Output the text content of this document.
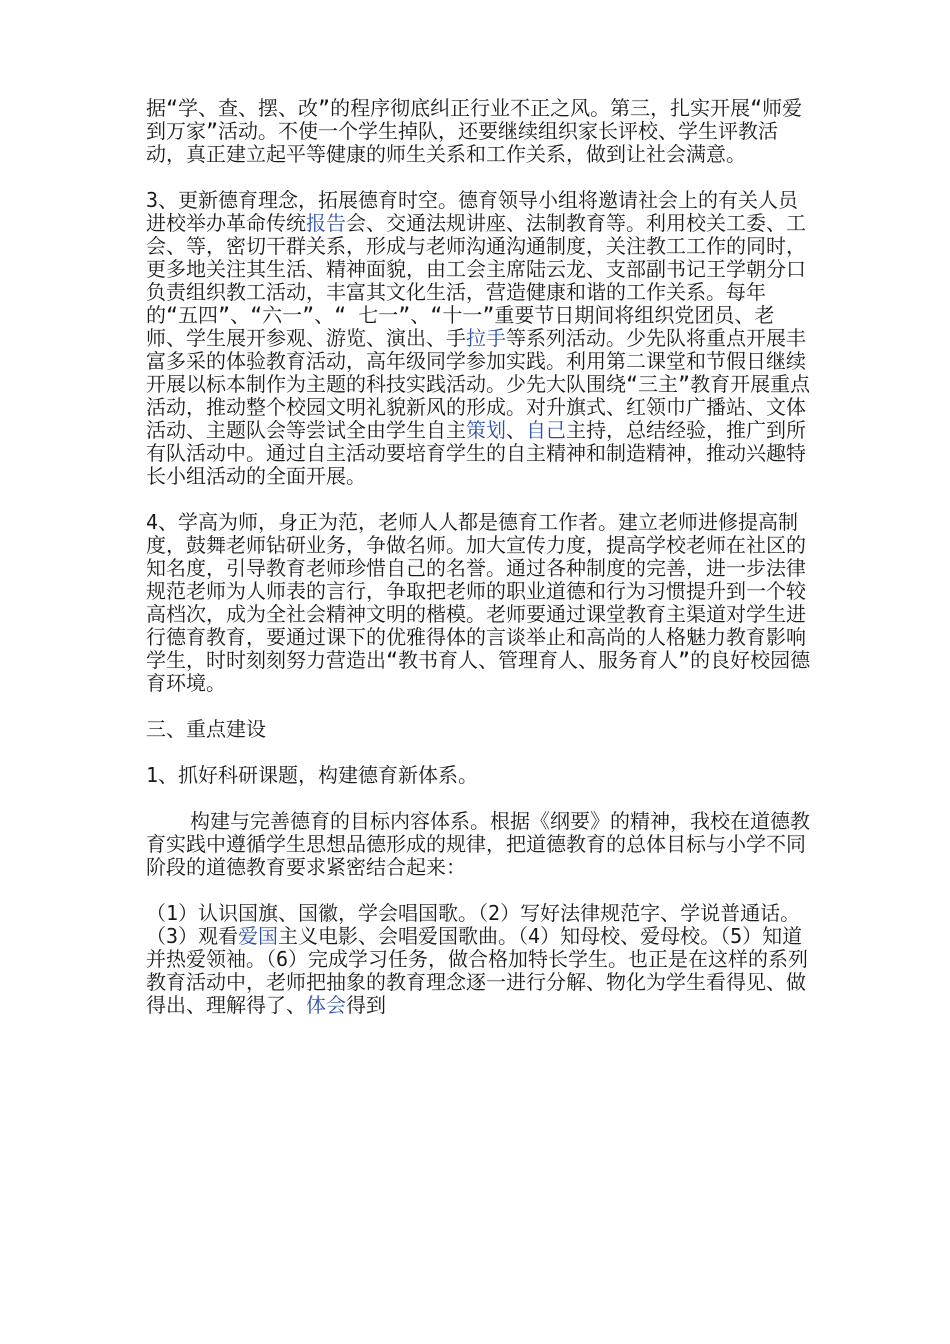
据“学、查、摆、改”的程序彻底纠正行业不正之风。第三，扎实开展“师爱到万家”活动。不使一个学生掉队，还要继续组织家长评校、学生评教活动，真正建立起平等健康的师生关系和工作关系，做到让社会满意。

3、更新德育理念，拓展德育时空。德育领导小组将邀请社会上的有关人员进校举办革命传统报告会、交通法规讲座、法制教育等。利用校关工委、工会、等，密切干群关系，形成与老师沟通沟通制度，关注教工工作的同时，更多地关注其生活、精神面貌，由工会主席陆云龙、支部副书记王学朝分口负责组织教工活动，丰富其文化生活，营造健康和谐的工作关系。每年的“五四”、“六一”、“ 七一”、“十一”重要节日期间将组织党团员、老师、学生展开参观、游览、演出、手拉手等系列活动。少先队将重点开展丰富多采的体验教育活动，高年级同学参加实践。利用第二课堂和节假日继续开展以标本制作为主题的科技实践活动。少先大队围绕“三主”教育开展重点活动，推动整个校园文明礼貌新风的形成。对升旗式、红领巾广播站、文体活动、主题队会等尝试全由学生自主策划、自己主持，总结经验，推广到所有队活动中。通过自主活动要培育学生的自主精神和制造精神，推动兴趣特长小组活动的全面开展。

4、学高为师，身正为范，老师人人都是德育工作者。建立老师进修提高制度，鼓舞老师钻研业务，争做名师。加大宣传力度，提高学校老师在社区的知名度，引导教育老师珍惜自己的名誉。通过各种制度的完善，进一步法律规范老师为人师表的言行，争取把老师的职业道德和行为习惯提升到一个较高档次，成为全社会精神文明的楷模。老师要通过课堂教育主渠道对学生进行德育教育，要通过课下的优雅得体的言谈举止和高尚的人格魅力教育影响学生，时时刻刻努力营造出“教书育人、管理育人、服务育人”的良好校园德育环境。

三、重点建设

1、抓好科研课题，构建德育新体系。

构建与完善德育的目标内容体系。根据《纲要》的精神，我校在道德教育实践中遵循学生思想品德形成的规律，把道德教育的总体目标与小学不同阶段的道德教育要求紧密结合起来：

（1）认识国旗、国徽，学会唱国歌。（2）写好法律规范字、学说普通话。（3）观看爱国主义电影、会唱爱国歌曲。（4）知母校、爱母校。（5）知道并热爱领袖。（6）完成学习任务，做合格加特长学生。也正是在这样的系列教育活动中，老师把抽象的教育理念逐一进行分解、物化为学生看得见、做得出、理解得了、体会得到
